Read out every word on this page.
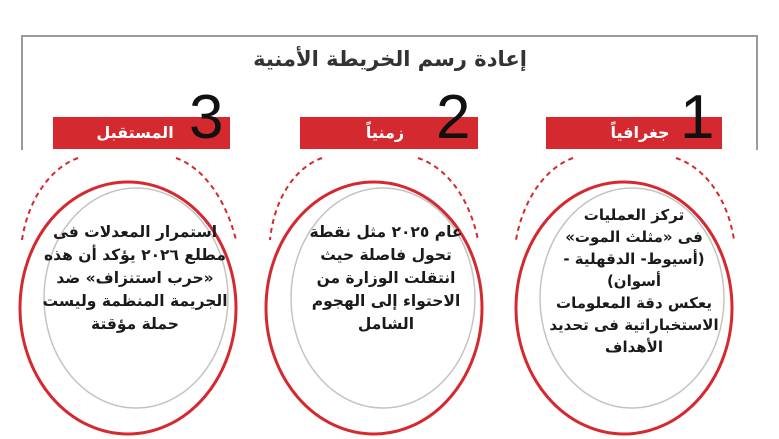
إعادة رسم الخريطة الأمنية
3
المستقبل
استمرار المعدلات فى
مطلع ٢٠٢٦ يؤكد أن هذه
«حرب استنزاف» ضد
الجريمة المنظمة وليست
حملة مؤقتة
2
زمنياً
عام ٢٠٢٥ مثل نقطة
تحول فاصلة حيث
انتقلت الوزارة من
الاحتواء إلى الهجوم
الشامل
1
جغرافياً
تركز العمليات
فى «مثلث الموت»
(أسيوط- الدقهلية - أسوان)
يعكس دقة المعلومات
الاستخباراتية فى تحديد
الأهداف
